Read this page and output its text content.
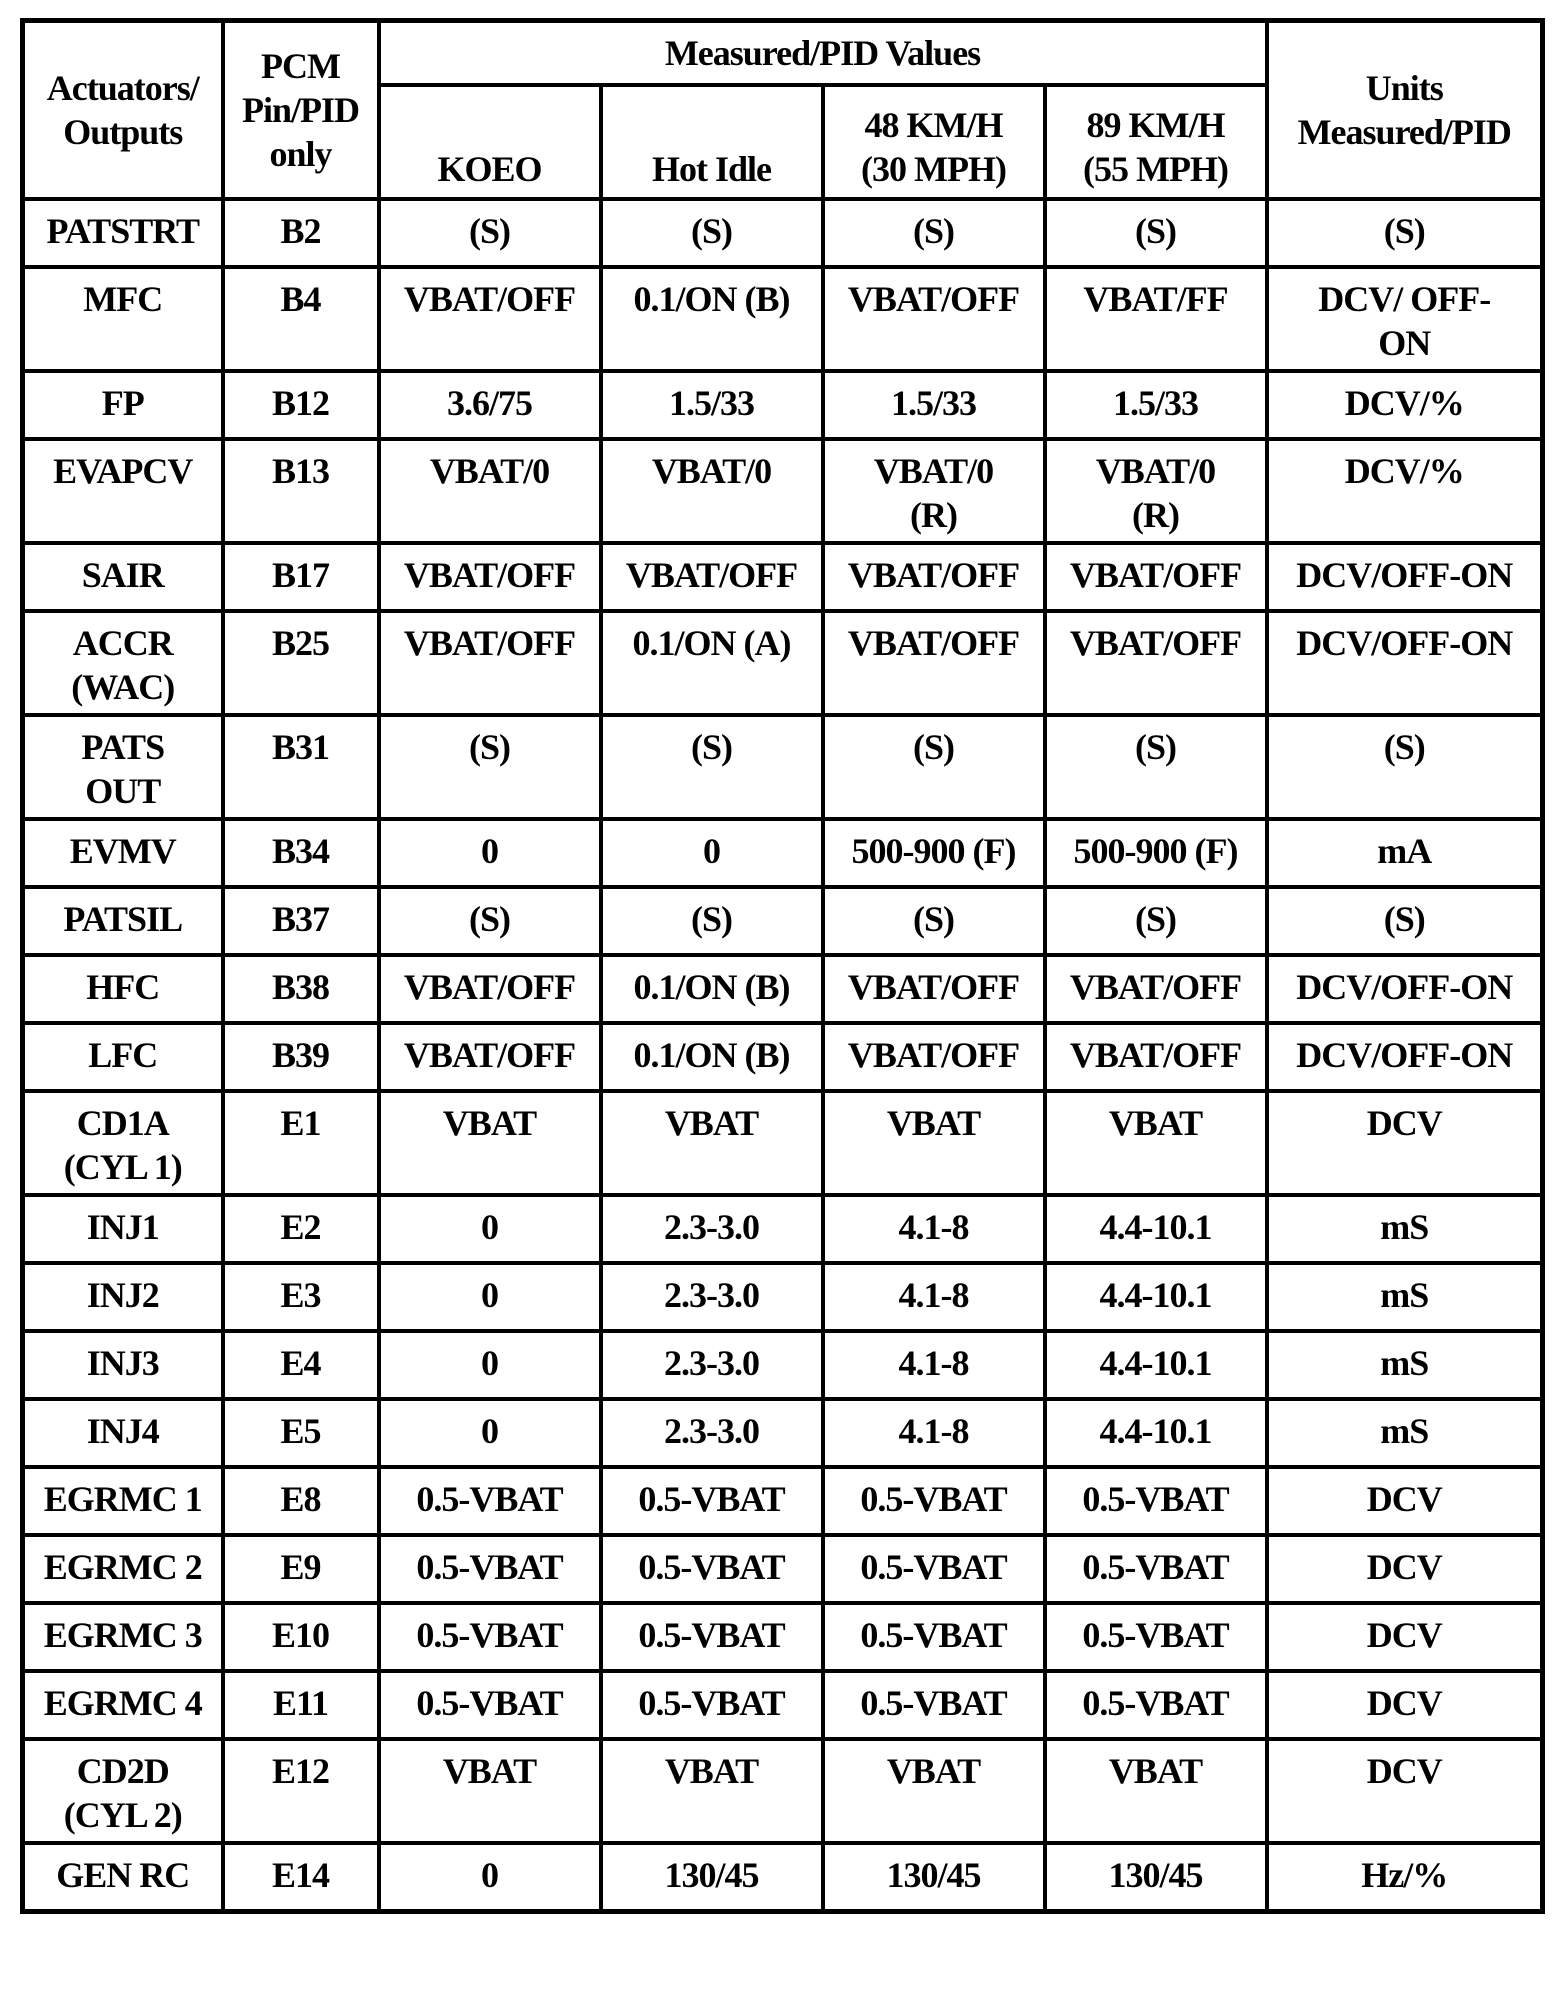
Actuators/
Outputs	PCM
Pin/PID
only	Measured/PID Values				Units
Measured/PID

		KOEO	Hot Idle	48 KM/H
(30 MPH)	89 KM/H
(55 MPH)	

PATSTRT	B2	(S)	(S)	(S)	(S)	(S)

MFC	B4	VBAT/OFF	0.1/ON (B)	VBAT/OFF	VBAT/FF	DCV/ OFF-
ON

FP	B12	3.6/75	1.5/33	1.5/33	1.5/33	DCV/%

EVAPCV	B13	VBAT/0	VBAT/0	VBAT/0
(R)	VBAT/0
(R)	DCV/%

SAIR	B17	VBAT/OFF	VBAT/OFF	VBAT/OFF	VBAT/OFF	DCV/OFF-ON

ACCR
(WAC)	B25	VBAT/OFF	0.1/ON (A)	VBAT/OFF	VBAT/OFF	DCV/OFF-ON

PATS
OUT	B31	(S)	(S)	(S)	(S)	(S)

EVMV	B34	0	0	500-900 (F)	500-900 (F)	mA

PATSIL	B37	(S)	(S)	(S)	(S)	(S)

HFC	B38	VBAT/OFF	0.1/ON (B)	VBAT/OFF	VBAT/OFF	DCV/OFF-ON

LFC	B39	VBAT/OFF	0.1/ON (B)	VBAT/OFF	VBAT/OFF	DCV/OFF-ON

CD1A
(CYL 1)	E1	VBAT	VBAT	VBAT	VBAT	DCV

INJ1	E2	0	2.3-3.0	4.1-8	4.4-10.1	mS

INJ2	E3	0	2.3-3.0	4.1-8	4.4-10.1	mS

INJ3	E4	0	2.3-3.0	4.1-8	4.4-10.1	mS

INJ4	E5	0	2.3-3.0	4.1-8	4.4-10.1	mS

EGRMC 1	E8	0.5-VBAT	0.5-VBAT	0.5-VBAT	0.5-VBAT	DCV

EGRMC 2	E9	0.5-VBAT	0.5-VBAT	0.5-VBAT	0.5-VBAT	DCV

EGRMC 3	E10	0.5-VBAT	0.5-VBAT	0.5-VBAT	0.5-VBAT	DCV

EGRMC 4	E11	0.5-VBAT	0.5-VBAT	0.5-VBAT	0.5-VBAT	DCV

CD2D
(CYL 2)	E12	VBAT	VBAT	VBAT	VBAT	DCV

GEN RC	E14	0	130/45	130/45	130/45	Hz/%
